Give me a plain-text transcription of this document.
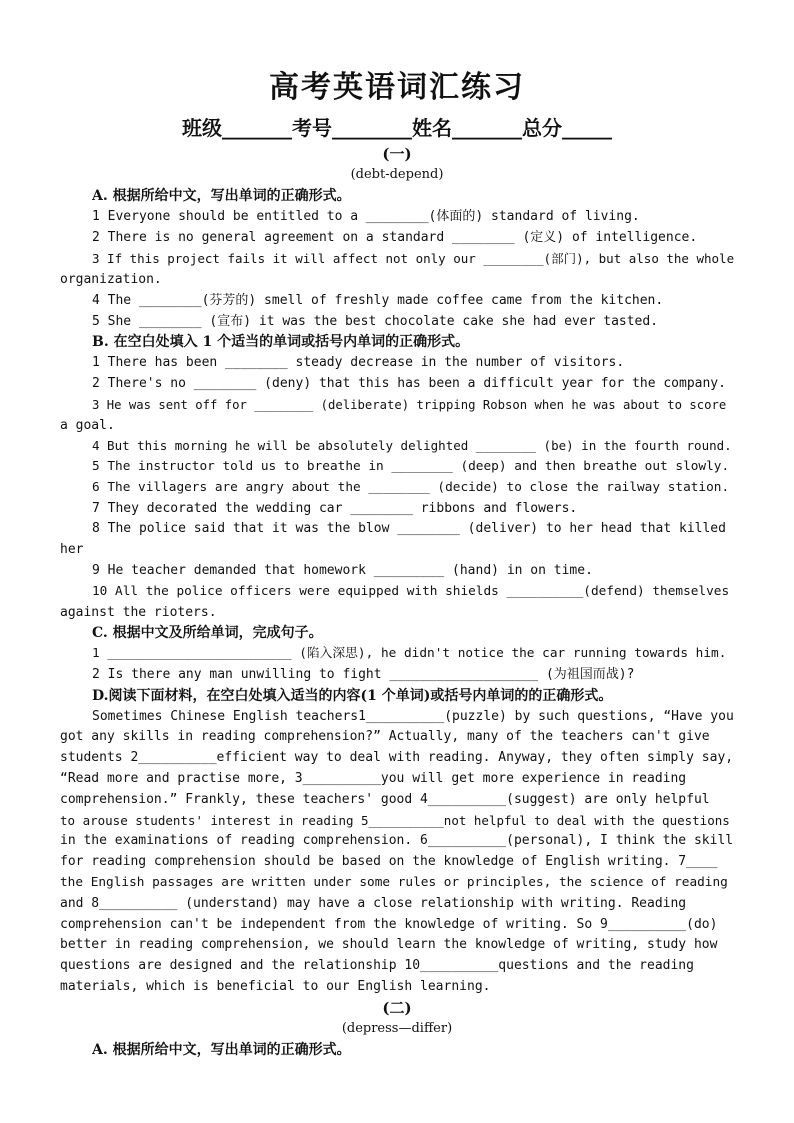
高考英语词汇练习
班级_______考号________姓名_______总分_____
(一)
(debt-depend)
A. 根据所给中文，写出单词的正确形式。
1 Everyone should be entitled to a ________(体面的) standard of living.
2 There is no general agreement on a standard ________ (定义) of intelligence.
3 If this project fails it will affect not only our ________(部门), but also the whole
organization.
4 The ________(芬芳的) smell of freshly made coffee came from the kitchen.
5 She ________ (宣布) it was the best chocolate cake she had ever tasted.
B. 在空白处填入 1 个适当的单词或括号内单词的正确形式。
1 There has been ________ steady decrease in the number of visitors.
2 There's no ________ (deny) that this has been a difficult year for the company.
3 He was sent off for ________ (deliberate) tripping Robson when he was about to score
a goal.
4 But this morning he will be absolutely delighted ________ (be) in the fourth round.
5 The instructor told us to breathe in ________ (deep) and then breathe out slowly.
6 The villagers are angry about the ________ (decide) to close the railway station.
7 They decorated the wedding car ________ ribbons and flowers.
8 The police said that it was the blow ________ (deliver) to her head that killed
her
9 He teacher demanded that homework _________ (hand) in on time.
10 All the police officers were equipped with shields __________(defend) themselves
against the rioters.
C. 根据中文及所给单词，完成句子。
1 ________________________ (陷入深思), he didn't notice the car running towards him.
2 Is there any man unwilling to fight ___________________ (为祖国而战)?
D.阅读下面材料，在空白处填入适当的内容(1 个单词)或括号内单词的的正确形式。
Sometimes Chinese English teachers1__________(puzzle) by such questions, “Have you
got any skills in reading comprehension?” Actually, many of the teachers can't give
students 2__________efficient way to deal with reading. Anyway, they often simply say,
“Read more and practise more, 3__________you will get more experience in reading
comprehension.” Frankly, these teachers' good 4__________(suggest) are only helpful
to arouse students' interest in reading 5__________not helpful to deal with the questions
in the examinations of reading comprehension. 6__________(personal), I think the skill
for reading comprehension should be based on the knowledge of English writing. 7____
the English passages are written under some rules or principles, the science of reading
and 8__________ (understand) may have a close relationship with writing. Reading
comprehension can't be independent from the knowledge of writing. So 9__________(do)
better in reading comprehension, we should learn the knowledge of writing, study how
questions are designed and the relationship 10__________questions and the reading
materials, which is beneficial to our English learning.
(二)
(depress—differ)
A. 根据所给中文，写出单词的正确形式。
